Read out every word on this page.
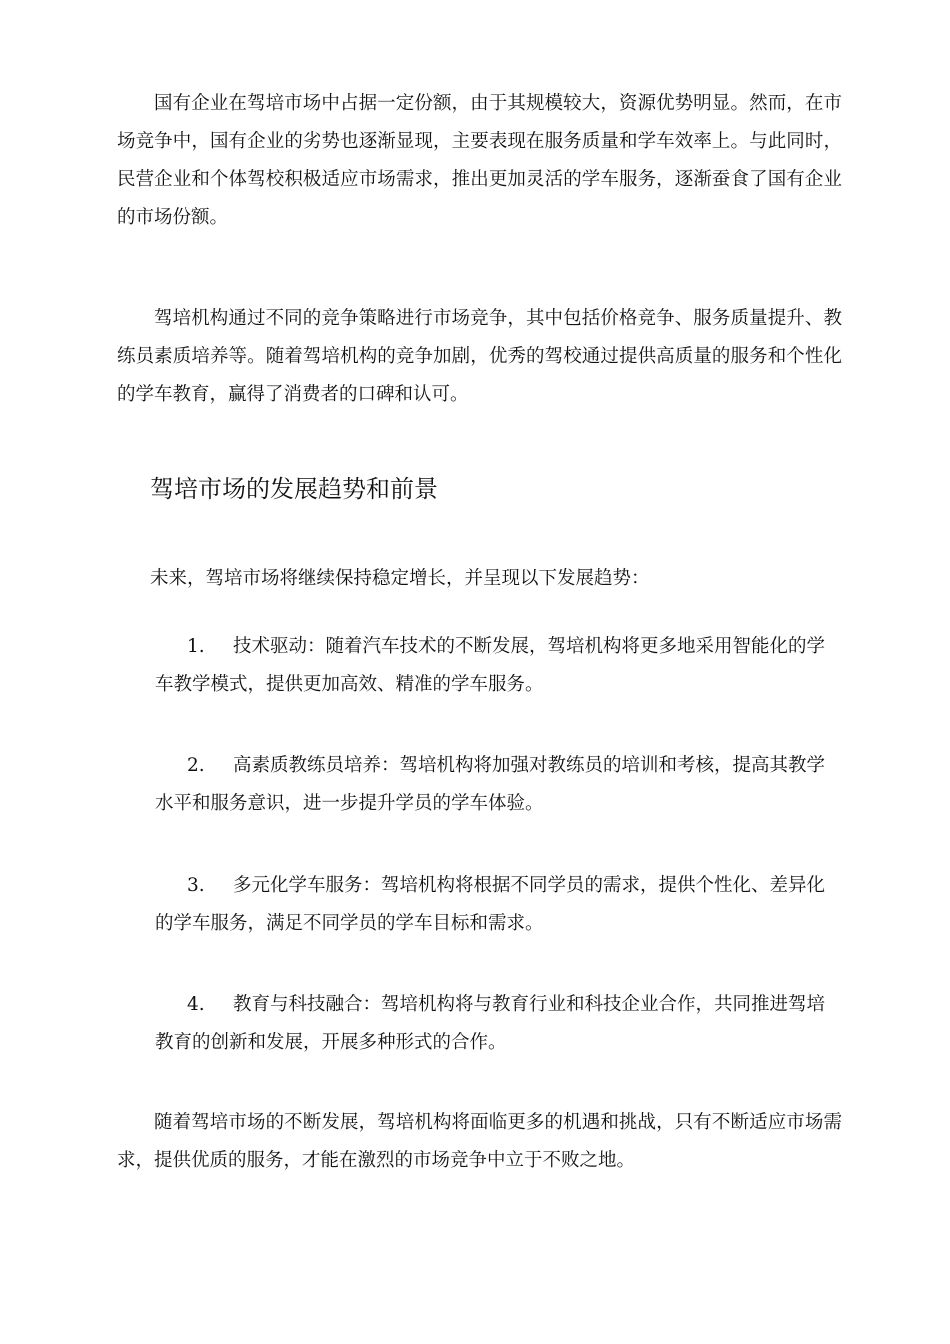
国有企业在驾培市场中占据一定份额，由于其规模较大，资源优势明显。然而，在市场竞争中，国有企业的劣势也逐渐显现，主要表现在服务质量和学车效率上。与此同时，民营企业和个体驾校积极适应市场需求，推出更加灵活的学车服务，逐渐蚕食了国有企业的市场份额。

驾培机构通过不同的竞争策略进行市场竞争，其中包括价格竞争、服务质量提升、教练员素质培养等。随着驾培机构的竞争加剧，优秀的驾校通过提供高质量的服务和个性化的学车教育，赢得了消费者的口碑和认可。

驾培市场的发展趋势和前景

未来，驾培市场将继续保持稳定增长，并呈现以下发展趋势：

1. 技术驱动：随着汽车技术的不断发展，驾培机构将更多地采用智能化的学车教学模式，提供更加高效、精准的学车服务。
2. 高素质教练员培养：驾培机构将加强对教练员的培训和考核，提高其教学水平和服务意识，进一步提升学员的学车体验。
3. 多元化学车服务：驾培机构将根据不同学员的需求，提供个性化、差异化的学车服务，满足不同学员的学车目标和需求。
4. 教育与科技融合：驾培机构将与教育行业和科技企业合作，共同推进驾培教育的创新和发展，开展多种形式的合作。

随着驾培市场的不断发展，驾培机构将面临更多的机遇和挑战，只有不断适应市场需求，提供优质的服务，才能在激烈的市场竞争中立于不败之地。
